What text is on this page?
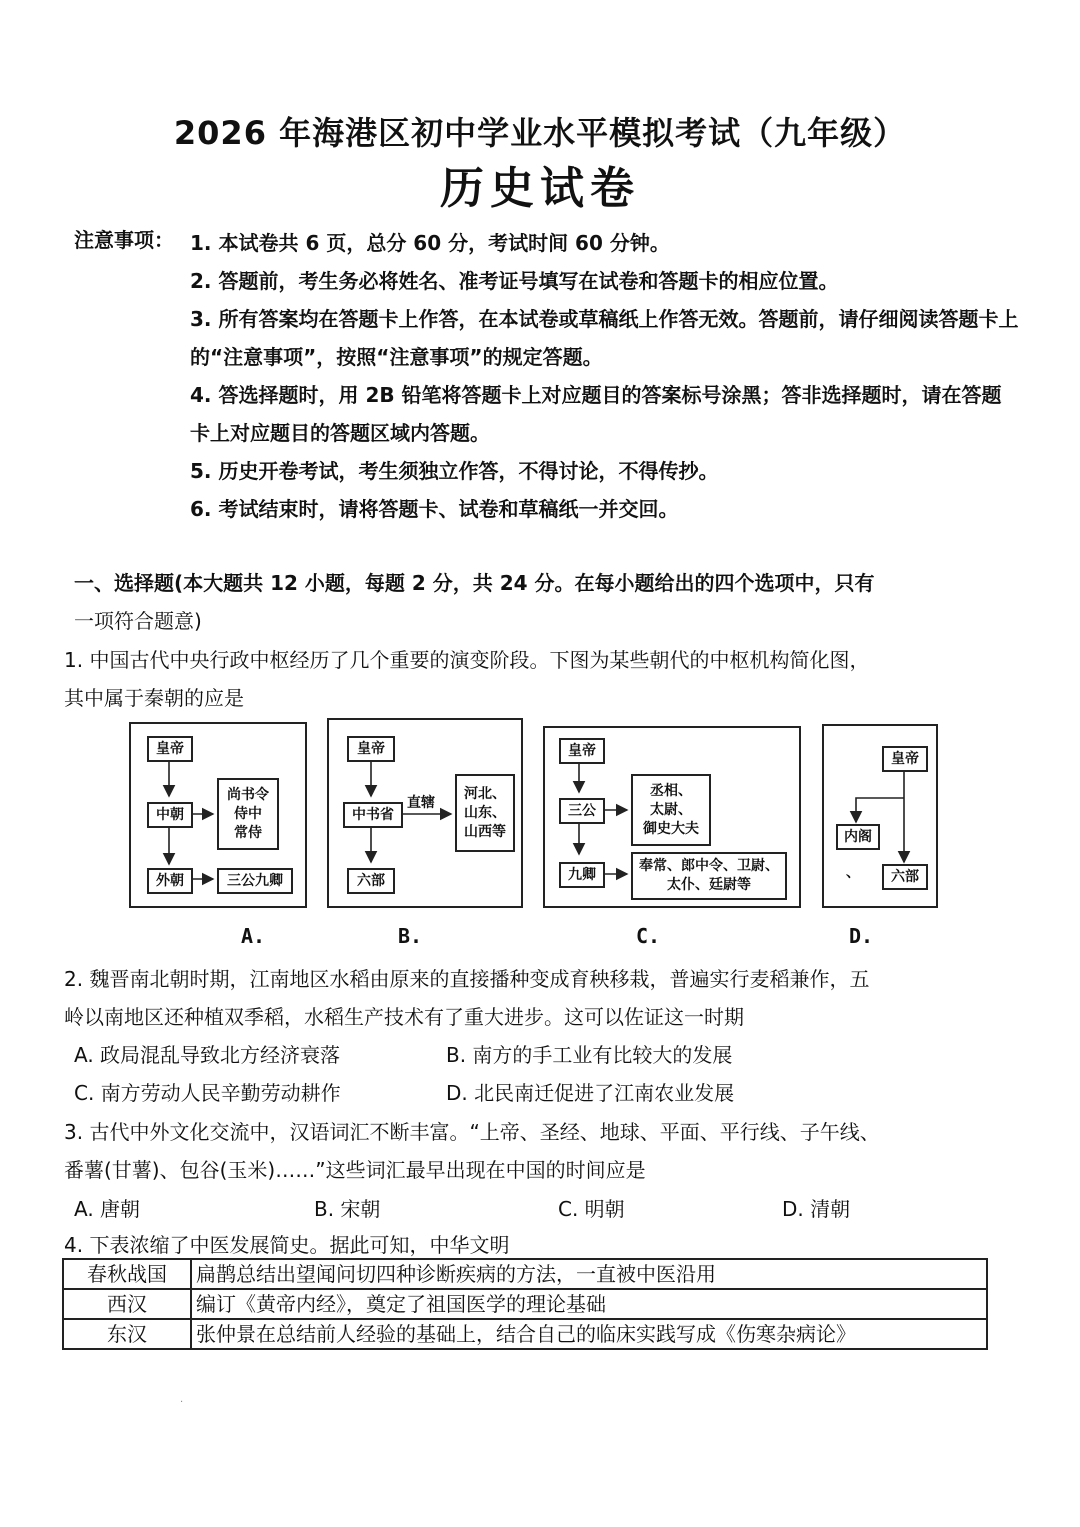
2026 年海港区初中学业水平模拟考试（九年级）
历史试卷
注意事项： 1. 本试卷共 6 页，总分 60 分，考试时间 60 分钟。
2. 答题前，考生务必将姓名、准考证号填写在试卷和答题卡的相应位置。
3. 所有答案均在答题卡上作答，在本试卷或草稿纸上作答无效。答题前，请仔细阅读答题卡上的“注意事项”，按照“注意事项”的规定答题。
4. 答选择题时，用 2B 铅笔将答题卡上对应题目的答案标号涂黑；答非选择题时，请在答题卡上对应题目的答题区域内答题。
5. 历史开卷考试，考生须独立作答，不得讨论，不得传抄。
6. 考试结束时，请将答题卡、试卷和草稿纸一并交回。
一、选择题(本大题共 12 小题，每题 2 分，共 24 分。在每小题给出的四个选项中，只有
一项符合题意)
1. 中国古代中央行政中枢经历了几个重要的演变阶段。下图为某些朝代的中枢机构简化图，
其中属于秦朝的应是
皇帝
中朝
外朝
尚书令
侍中
常侍
三公九卿
皇帝
中书省
六部
直辖
河北、
山东、
山西等
皇帝
三公
九卿
丞相、
太尉、
御史大夫
奉常、郎中令、卫尉、
太仆、廷尉等
皇帝
内阁
、	六部
A.	B.	C.	D.
2. 魏晋南北朝时期，江南地区水稻由原来的直接播种变成育秧移栽，普遍实行麦稻兼作，五
岭以南地区还种植双季稻，水稻生产技术有了重大进步。这可以佐证这一时期
A. 政局混乱导致北方经济衰落	B. 南方的手工业有比较大的发展
C. 南方劳动人民辛勤劳动耕作	D. 北民南迁促进了江南农业发展
3. 古代中外文化交流中，汉语词汇不断丰富。“上帝、圣经、地球、平面、平行线、子午线、
番薯(甘薯)、包谷(玉米)……”这些词汇最早出现在中国的时间应是
A. 唐朝	B. 宋朝	C. 明朝	D. 清朝
4. 下表浓缩了中医发展简史。据此可知，中华文明
春秋战国	扁鹊总结出望闻问切四种诊断疾病的方法，一直被中医沿用
西汉	编订《黄帝内经》，奠定了祖国医学的理论基础
东汉	张仲景在总结前人经验的基础上，结合自己的临床实践写成《伤寒杂病论》
.
